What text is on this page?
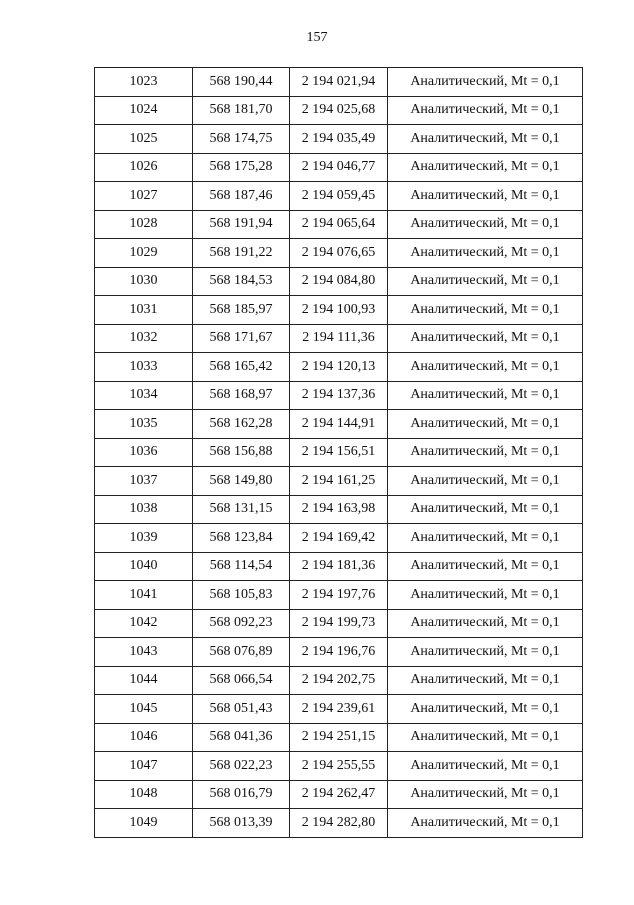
157
1023	568 190,44	2 194 021,94	Аналитический, Mt = 0,1
1024	568 181,70	2 194 025,68	Аналитический, Mt = 0,1
1025	568 174,75	2 194 035,49	Аналитический, Mt = 0,1
1026	568 175,28	2 194 046,77	Аналитический, Mt = 0,1
1027	568 187,46	2 194 059,45	Аналитический, Mt = 0,1
1028	568 191,94	2 194 065,64	Аналитический, Mt = 0,1
1029	568 191,22	2 194 076,65	Аналитический, Mt = 0,1
1030	568 184,53	2 194 084,80	Аналитический, Mt = 0,1
1031	568 185,97	2 194 100,93	Аналитический, Mt = 0,1
1032	568 171,67	2 194 111,36	Аналитический, Mt = 0,1
1033	568 165,42	2 194 120,13	Аналитический, Mt = 0,1
1034	568 168,97	2 194 137,36	Аналитический, Mt = 0,1
1035	568 162,28	2 194 144,91	Аналитический, Mt = 0,1
1036	568 156,88	2 194 156,51	Аналитический, Mt = 0,1
1037	568 149,80	2 194 161,25	Аналитический, Mt = 0,1
1038	568 131,15	2 194 163,98	Аналитический, Mt = 0,1
1039	568 123,84	2 194 169,42	Аналитический, Mt = 0,1
1040	568 114,54	2 194 181,36	Аналитический, Mt = 0,1
1041	568 105,83	2 194 197,76	Аналитический, Mt = 0,1
1042	568 092,23	2 194 199,73	Аналитический, Mt = 0,1
1043	568 076,89	2 194 196,76	Аналитический, Mt = 0,1
1044	568 066,54	2 194 202,75	Аналитический, Mt = 0,1
1045	568 051,43	2 194 239,61	Аналитический, Mt = 0,1
1046	568 041,36	2 194 251,15	Аналитический, Mt = 0,1
1047	568 022,23	2 194 255,55	Аналитический, Mt = 0,1
1048	568 016,79	2 194 262,47	Аналитический, Mt = 0,1
1049	568 013,39	2 194 282,80	Аналитический, Mt = 0,1
